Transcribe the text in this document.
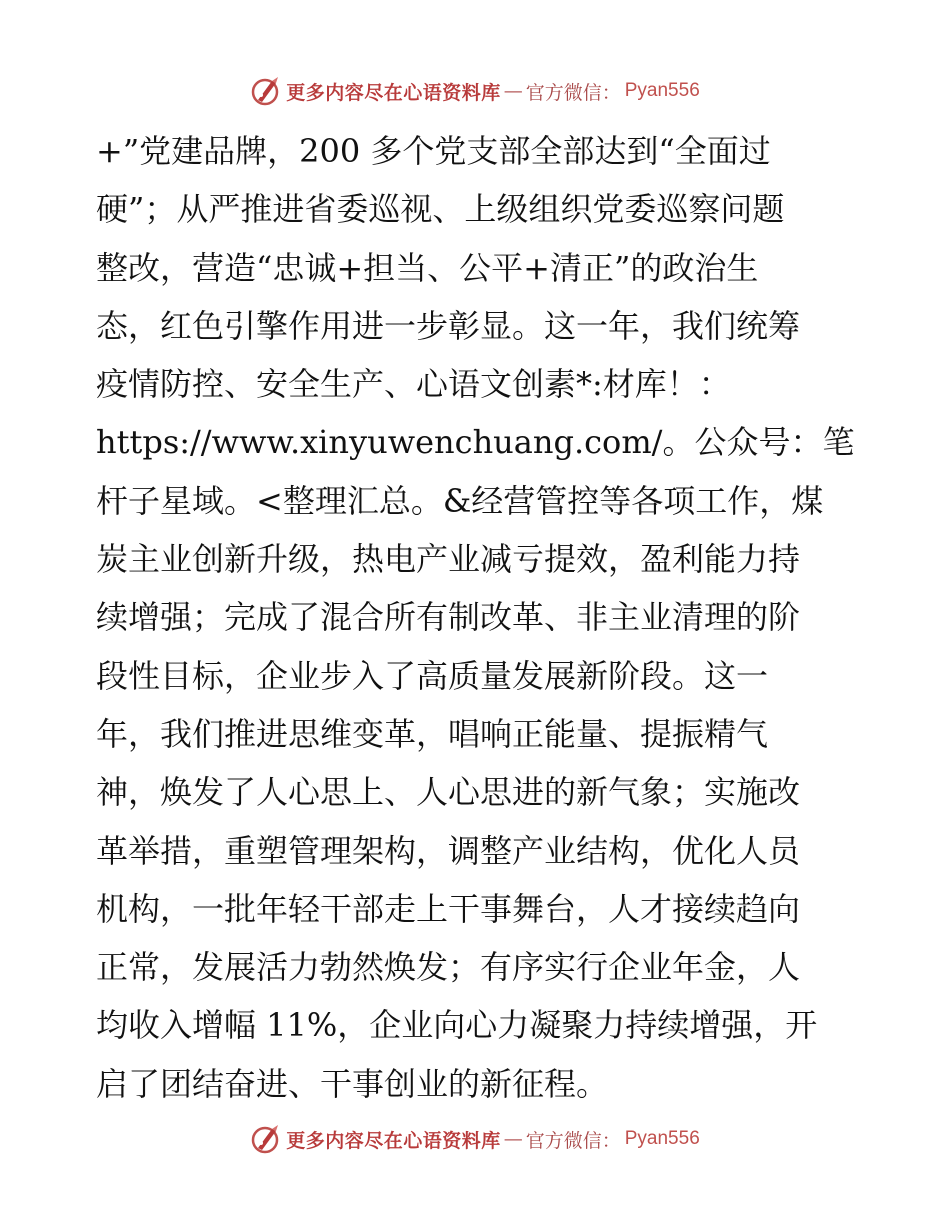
更多内容尽在心语资料库 — 官方微信： Pyan556
+”党建品牌，200 多个党支部全部达到“全面过
硬”；从严推进省委巡视、上级组织党委巡察问题
整改，营造“忠诚+担当、公平+清正”的政治生
态，红色引擎作用进一步彰显。这一年，我们统筹
疫情防控、安全生产、心语文创素*:材库！：
https://www.xinyuwenchuang.com/。公众号：笔
杆子星域。<整理汇总。&经营管控等各项工作，煤
炭主业创新升级，热电产业减亏提效，盈利能力持
续增强；完成了混合所有制改革、非主业清理的阶
段性目标，企业步入了高质量发展新阶段。这一
年，我们推进思维变革，唱响正能量、提振精气
神，焕发了人心思上、人心思进的新气象；实施改
革举措，重塑管理架构，调整产业结构，优化人员
机构，一批年轻干部走上干事舞台，人才接续趋向
正常，发展活力勃然焕发；有序实行企业年金，人
均收入增幅 11%，企业向心力凝聚力持续增强，开
启了团结奋进、干事创业的新征程。
更多内容尽在心语资料库 — 官方微信： Pyan556
